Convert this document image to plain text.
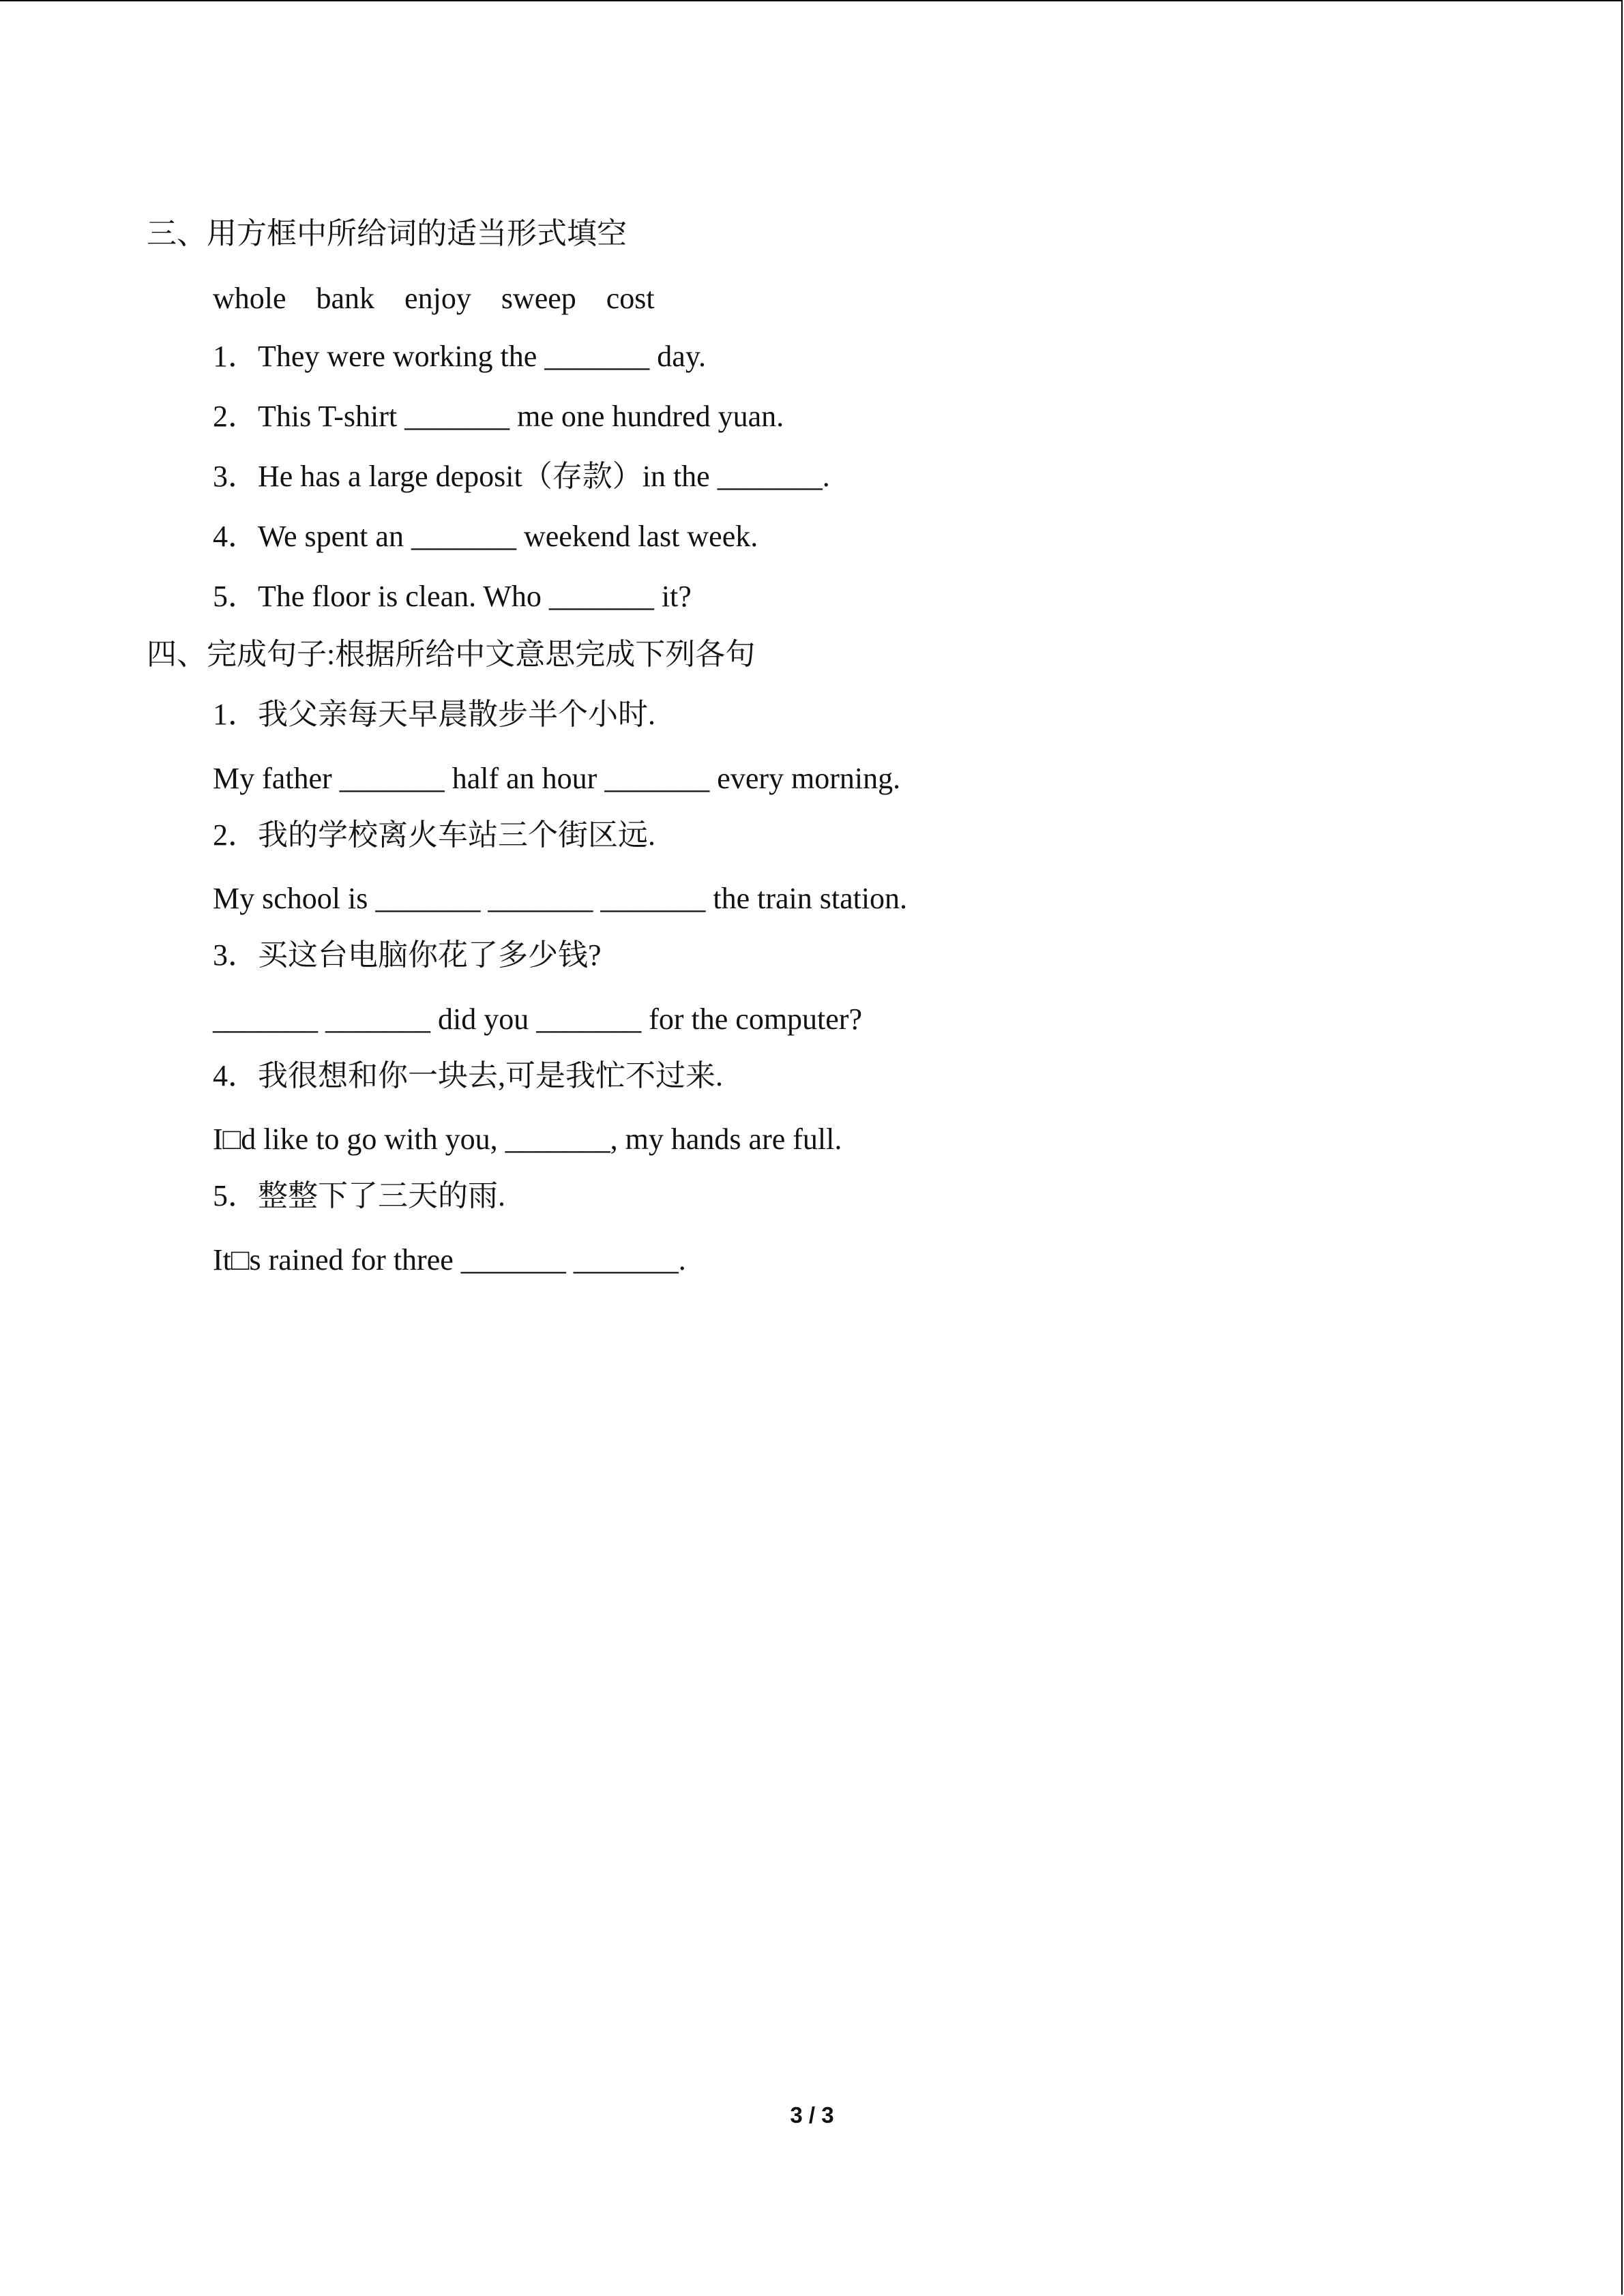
三、用方框中所给词的适当形式填空
whole    bank    enjoy    sweep    cost
1．They were working the _______ day.
2．This T-shirt _______ me one hundred yuan.
3．He has a large deposit（存款）in the _______.
4．We spent an _______ weekend last week.
5．The floor is clean. Who _______ it?
四、完成句子:根据所给中文意思完成下列各句
1．我父亲每天早晨散步半个小时.
My father _______ half an hour _______ every morning.
2．我的学校离火车站三个街区远.
My school is _______ _______ _______ the train station.
3．买这台电脑你花了多少钱?
_______ _______ did you _______ for the computer?
4．我很想和你一块去,可是我忙不过来.
I□d like to go with you, _______, my hands are full.
5．整整下了三天的雨.
It□s rained for three _______ _______.
3 / 3
